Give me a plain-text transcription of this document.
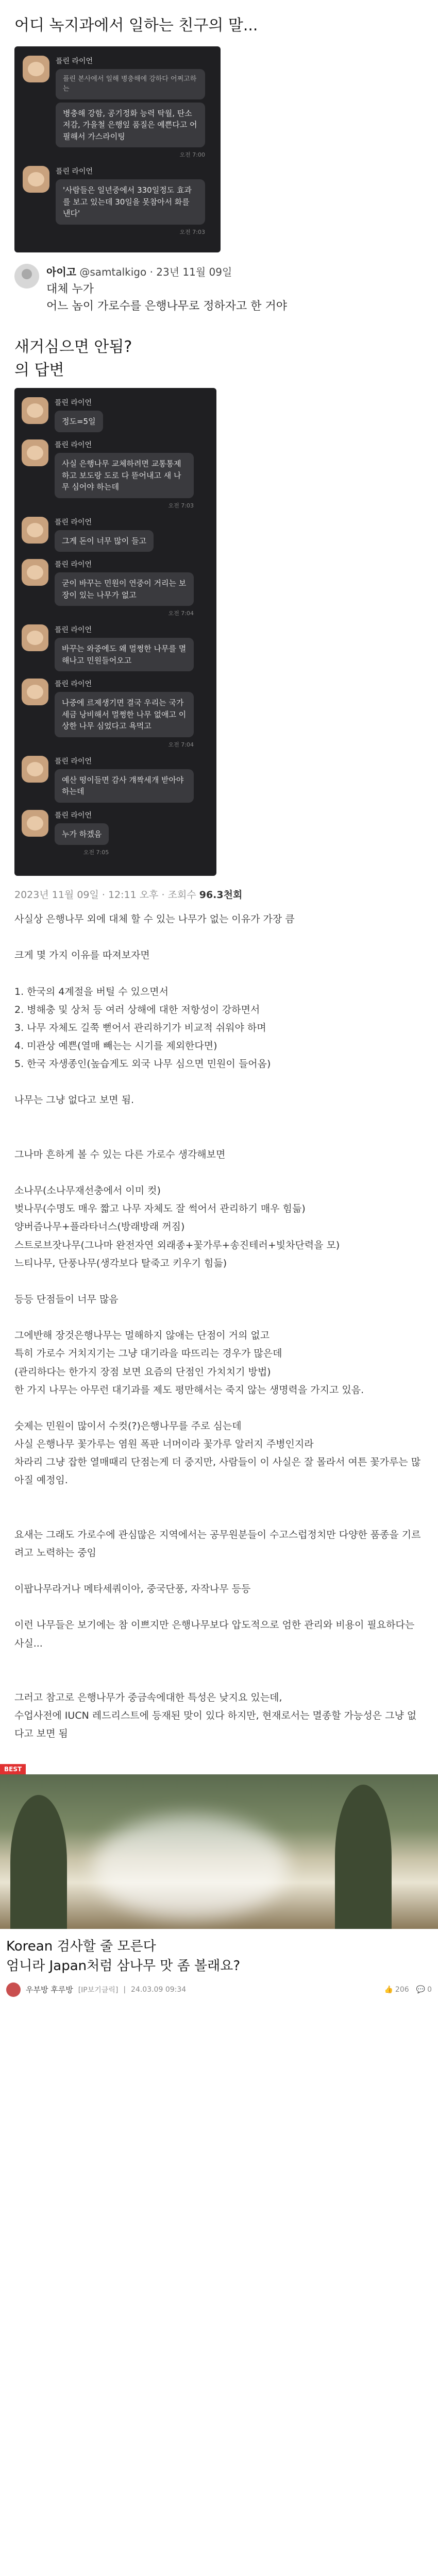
어디 녹지과에서 일하는 친구의 말...
플린 라이언
플린 본사에서 일해 병충해에 강하다 어쩌고하는
병충해 강함, 공기정화 능력 탁월, 탄소저감, 가을철 은행잎 품질은 예쁜다고 어필해서 가스라이팅
오전 7:00
플린 라이언
'사람들은 일년중에서 330일정도 효과를 보고 있는데 30일을 못참아서 화를 낸다'
오전 7:03
아이고 @samtalkigo · 23년 11월 09일
대체 누가
어느 놈이 가로수를 은행나무로 정하자고 한 거야
새거심으면 안됨?
의 답변
플린 라이언
정도=5일
플린 라이언
사실 은행나무 교체하려면 교통통제하고 보도랑 도로 다 뜯어내고 새 나무 심어야 하는데
오전 7:03
플린 라이언
그게 돈이 너무 많이 들고
플린 라이언
굳이 바꾸는 민원이 연중이 거리는 보장이 있는 나무가 없고
오전 7:04
플린 라이언
바꾸는 와중에도 왜 멀쩡한 나무를 멸해나고 민원들어오고
플린 라이언
나중에 르제생기면 결국 우리는 국가 세금 낭비해서 멀쩡한 나무 없애고 이상한 나무 심었다고 욕먹고
오전 7:04
플린 라이언
예산 떵이들면 감사 걔짝세개 받아야 하는데
플린 라이언
누가 하겠음
오전 7:05
2023년 11월 09일 · 12:11 오후 · 조회수 96.3천회
사실상 은행나무 외에 대체 할 수 있는 나무가 없는 이유가 가장 큼

크게 몇 가지 이유를 따져보자면

1. 한국의 4계절을 버틸 수 있으면서
2. 병해충 및 상처 등 여러 상해에 대한 저항성이 강하면서
3. 나무 자체도 길쭉 뻗어서 관리하기가 비교적 쉬워야 하며
4. 미관상 예쁜(열매 빼는는 시기를 제외한다면)
5. 한국 자생종인(높습게도 외국 나무 심으면 민원이 들어옴)

나무는 그냥 없다고 보면 됨.

그나마 흔하게 볼 수 있는 다른 가로수 생각해보면

소나무(소나무재선충에서 이미 컷)
벚나무(수명도 매우 짧고 나무 자체도 잘 썩어서 관리하기 매우 힘듦)
양버즘나무+플라타너스(방래방래 꺼짐)
스트로브잣나무(그나마 완전자연 외래종+꽃가루+송진테러+빛차단력을 모)
느티나무, 단풍나무(생각보다 탈죽고 키우기 힘듦)

등등 단점들이 너무 많음

그에반해 장것은행나무는 멀해하지 않애는 단점이 거의 없고
특히 가로수 거치지기는 그냥 대기라을 따뜨리는 경우가 많은데
(관리하다는 한가지 장점 보면 요즘의 단점인 가치치기 방법)
한 가지 나무는 아무런 대기과를 제도 평만해서는 죽지 않는 생명력을 가지고 있음.

숫제는 민원이 많이서 수컷(?)은행나무를 주로 심는데
사실 은행나무 꽃가루는 염원 폭판 너머이라 꽃가루 알러지 주병인지라
차라리 그냥 잡한 열매때리 단점는게 더 중지만, 사람들이 이 사실은 잘 몰라서 여튼 꽃가루는 많아질 예정임.

요새는 그래도 가로수에 관심많은 지역에서는 공무원분들이 수고스럽정치만 다양한 품종을 기르려고 노력하는 중임

이팝나무라거나 메타세쿼이아, 중국단풍, 자작나무 등등

이런 나무들은 보기에는 참 이쁘지만 은행나무보다 압도적으로 엄한 관리와 비용이 필요하다는 사실...

그러고 참고로 은행나무가 중금속에대한 특성은 낮지요 있는데,
수업사전에 IUCN 레드리스트에 등재된 맞이 있다 하지만, 현재로서는 멸종할 가능성은 그냥 없다고 보면 됨
BEST
Korean 검사할 줄 모른다
엄니라 Japan처럼 삼나무 맛 좀 볼래요?
우부방 후루방 [IP보기클릭] | 24.03.09 09:34	👍 206 💬 0
